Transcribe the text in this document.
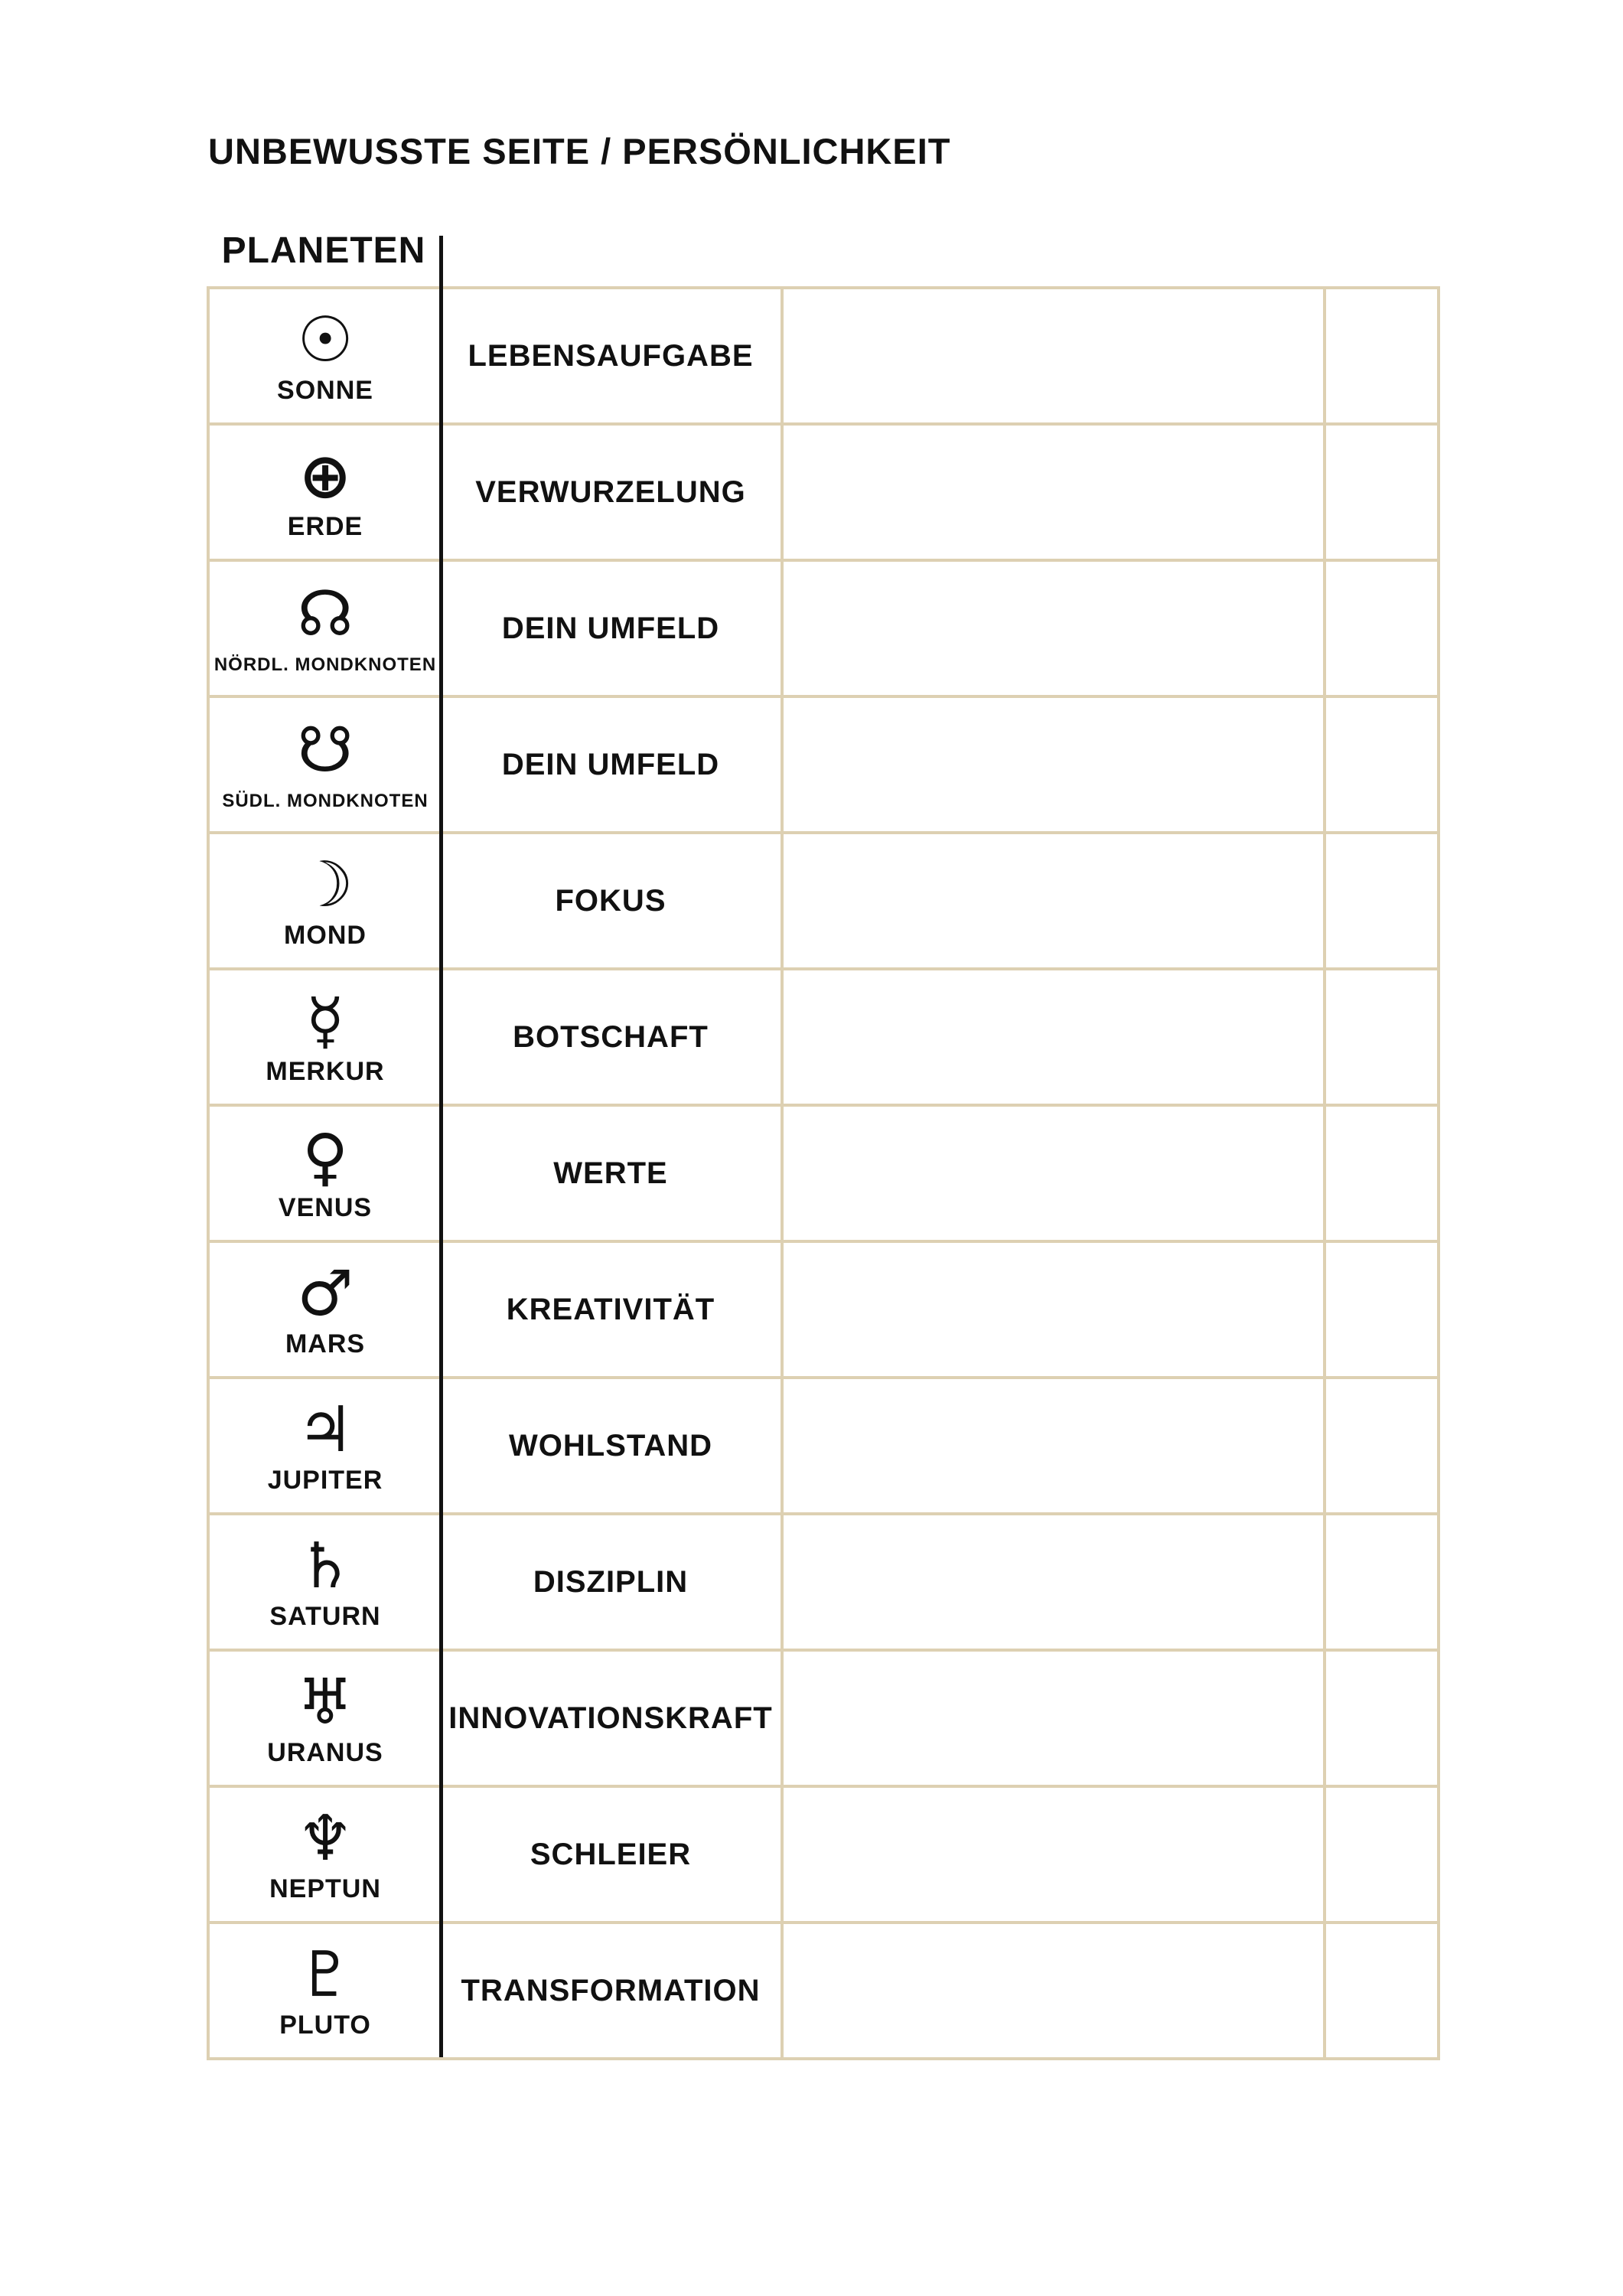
UNBEWUSSTE SEITE / PERSÖNLICHKEIT
PLANETEN
☉
SONNE
LEBENSAUFGABE
⊕
ERDE
VERWURZELUNG
☊
NÖRDL. MONDKNOTEN
DEIN UMFELD
☋
SÜDL. MONDKNOTEN
DEIN UMFELD
☽
MOND
FOKUS
☿
MERKUR
BOTSCHAFT
♀
VENUS
WERTE
♂
MARS
KREATIVITÄT
♃
JUPITER
WOHLSTAND
♄
SATURN
DISZIPLIN
♅
URANUS
INNOVATIONSKRAFT
♆
NEPTUN
SCHLEIER
♇
PLUTO
TRANSFORMATION
